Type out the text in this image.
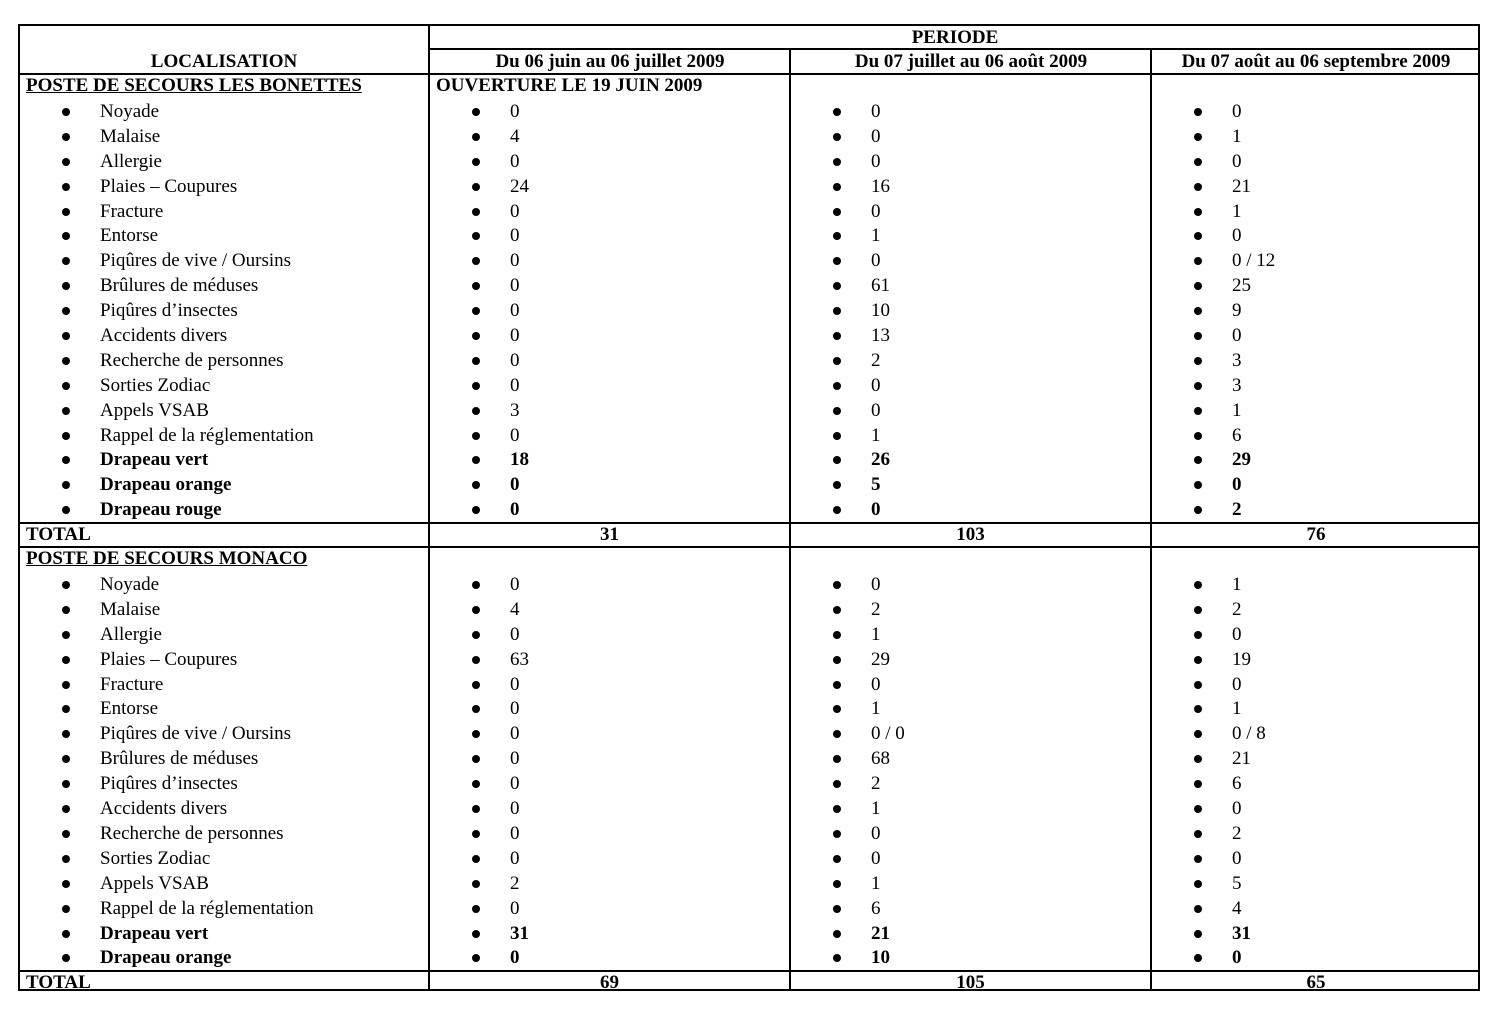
PERIODE
LOCALISATION	Du 06 juin au 06 juillet 2009	Du 07 juillet au 06 août 2009	Du 07 août au 06 septembre 2009
POSTE DE SECOURS LES BONETTES	OUVERTURE LE 19 JUIN 2009
Noyade	0	0	0
Malaise	4	0	1
Allergie	0	0	0
Plaies – Coupures	24	16	21
Fracture	0	0	1
Entorse	0	1	0
Piqûres de vive / Oursins	0	0	0 / 12
Brûlures de méduses	0	61	25
Piqûres d’insectes	0	10	9
Accidents divers	0	13	0
Recherche de personnes	0	2	3
Sorties Zodiac	0	0	3
Appels VSAB	3	0	1
Rappel de la réglementation	0	1	6
Drapeau vert	18	26	29
Drapeau orange	0	5	0
Drapeau rouge	0	0	2
TOTAL	31	103	76
POSTE DE SECOURS MONACO
Noyade	0	0	1
Malaise	4	2	2
Allergie	0	1	0
Plaies – Coupures	63	29	19
Fracture	0	0	0
Entorse	0	1	1
Piqûres de vive / Oursins	0	0 / 0	0 / 8
Brûlures de méduses	0	68	21
Piqûres d’insectes	0	2	6
Accidents divers	0	1	0
Recherche de personnes	0	0	2
Sorties Zodiac	0	0	0
Appels VSAB	2	1	5
Rappel de la réglementation	0	6	4
Drapeau vert	31	21	31
Drapeau orange	0	10	0
TOTAL	69	105	65
